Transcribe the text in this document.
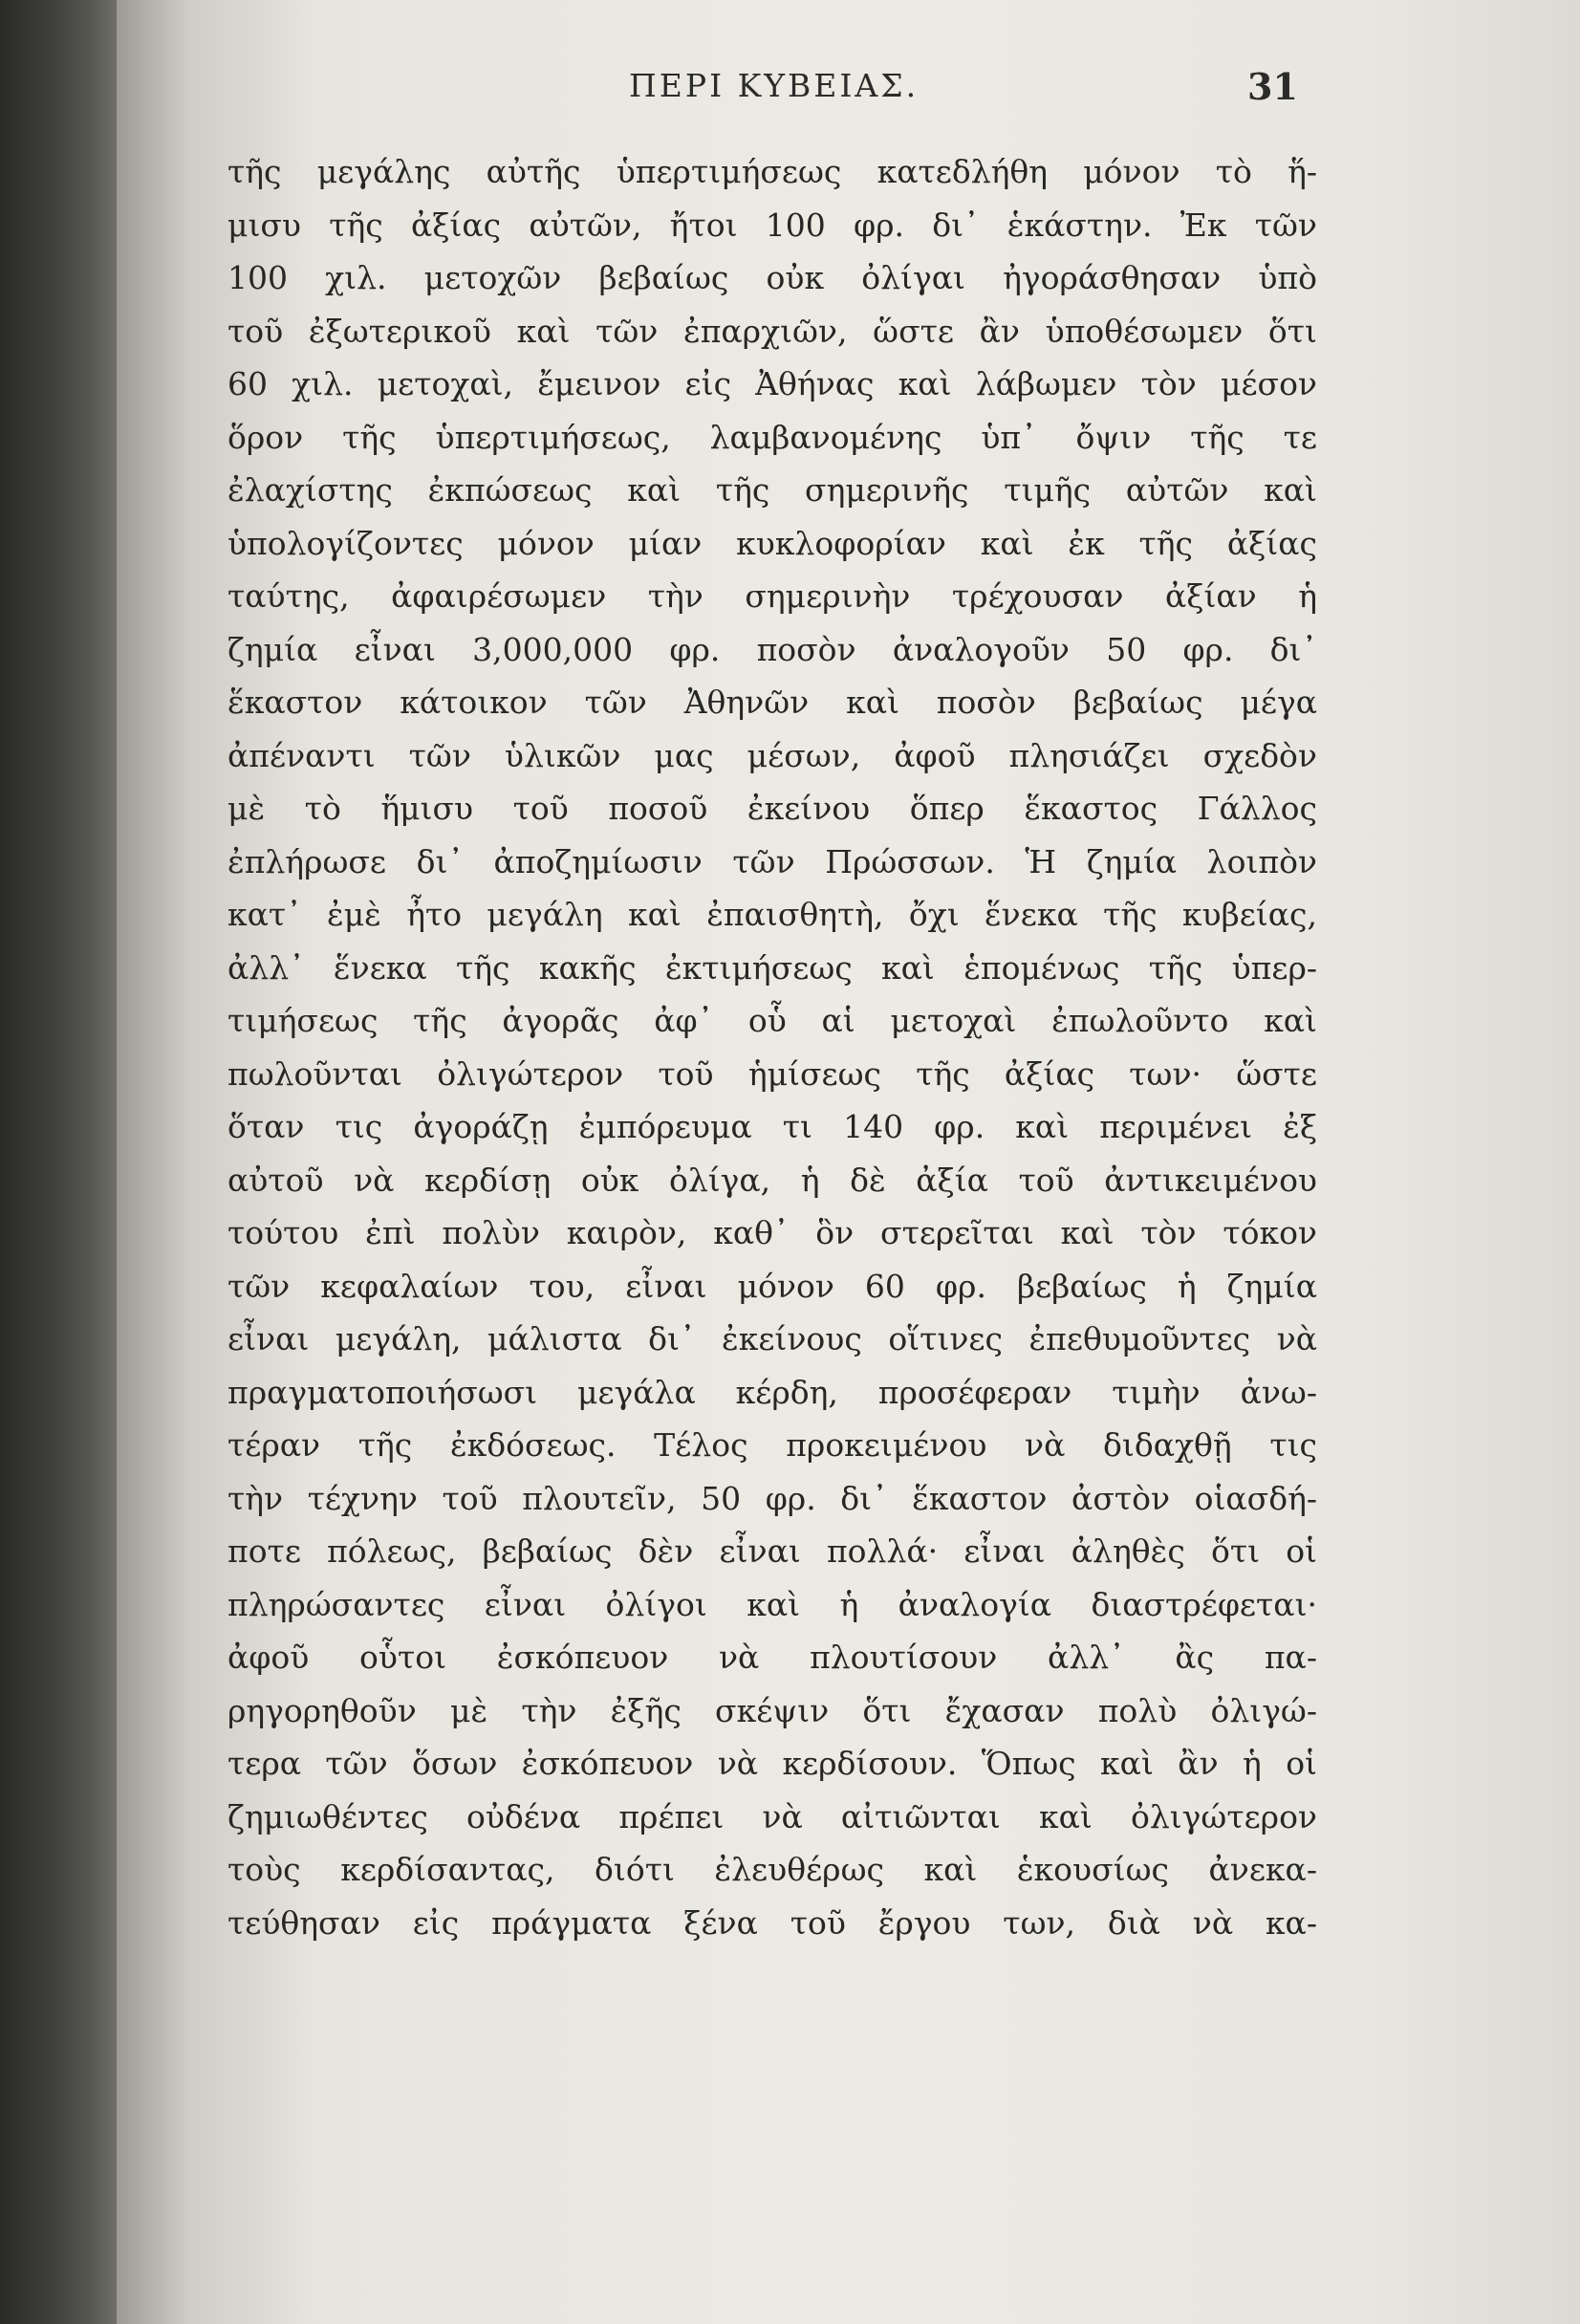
ΠΕΡΙ ΚΥΒΕΙΑΣ.	31
τῆς μεγάλης αὐτῆς ὑπερτιμήσεως κατεδλήθη μόνον τὸ ἥ-
μισυ τῆς ἀξίας αὐτῶν, ἤτοι 100 φρ. δι᾽ ἑκάστην. Ἐκ τῶν
100 χιλ. μετοχῶν βεβαίως οὐκ ὀλίγαι ἠγοράσθησαν ὑπὸ
τοῦ ἐξωτερικοῦ καὶ τῶν ἐπαρχιῶν, ὥστε ἂν ὑποθέσωμεν ὅτι
60 χιλ. μετοχαὶ, ἔμεινον εἰς Ἀθήνας καὶ λάβωμεν τὸν μέσον
ὅρον τῆς ὑπερτιμήσεως, λαμβανομένης ὑπ᾽ ὄψιν τῆς τε
ἐλαχίστης ἐκπώσεως καὶ τῆς σημερινῆς τιμῆς αὐτῶν καὶ
ὑπολογίζοντες μόνον μίαν κυκλοφορίαν καὶ ἐκ τῆς ἀξίας
ταύτης, ἀφαιρέσωμεν τὴν σημερινὴν τρέχουσαν ἀξίαν ἡ
ζημία εἶναι 3,000,000 φρ. ποσὸν ἀναλογοῦν 50 φρ. δι᾽
ἕκαστον κάτοικον τῶν Ἀθηνῶν καὶ ποσὸν βεβαίως μέγα
ἀπέναντι τῶν ὑλικῶν μας μέσων, ἀφοῦ πλησιάζει σχεδὸν
μὲ τὸ ἥμισυ τοῦ ποσοῦ ἐκείνου ὅπερ ἕκαστος Γάλλος
ἐπλήρωσε δι᾽ ἀποζημίωσιν τῶν Πρώσσων. Ἡ ζημία λοιπὸν
κατ᾽ ἐμὲ ἦτο μεγάλη καὶ ἐπαισθητὴ, ὄχι ἕνεκα τῆς κυβείας,
ἀλλ᾽ ἕνεκα τῆς κακῆς ἐκτιμήσεως καὶ ἑπομένως τῆς ὑπερ-
τιμήσεως τῆς ἀγορᾶς ἀφ᾽ οὗ αἱ μετοχαὶ ἐπωλοῦντο καὶ
πωλοῦνται ὀλιγώτερον τοῦ ἡμίσεως τῆς ἀξίας των· ὥστε
ὅταν τις ἀγοράζῃ ἐμπόρευμα τι 140 φρ. καὶ περιμένει ἐξ
αὐτοῦ νὰ κερδίσῃ οὐκ ὀλίγα, ἡ δὲ ἀξία τοῦ ἀντικειμένου
τούτου ἐπὶ πολὺν καιρὸν, καθ᾽ ὃν στερεῖται καὶ τὸν τόκον
τῶν κεφαλαίων του, εἶναι μόνον 60 φρ. βεβαίως ἡ ζημία
εἶναι μεγάλη, μάλιστα δι᾽ ἐκείνους οἵτινες ἐπεθυμοῦντες νὰ
πραγματοποιήσωσι μεγάλα κέρδη, προσέφεραν τιμὴν ἀνω-
τέραν τῆς ἐκδόσεως. Τέλος προκειμένου νὰ διδαχθῇ τις
τὴν τέχνην τοῦ πλουτεῖν, 50 φρ. δι᾽ ἕκαστον ἀστὸν οἱασδή-
ποτε πόλεως, βεβαίως δὲν εἶναι πολλά· εἶναι ἀληθὲς ὅτι οἱ
πληρώσαντες εἶναι ὀλίγοι καὶ ἡ ἀναλογία διαστρέφεται·
ἀφοῦ οὗτοι ἐσκόπευον νὰ πλουτίσουν ἀλλ᾽ ἂς πα-
ρηγορηθοῦν μὲ τὴν ἐξῆς σκέψιν ὅτι ἔχασαν πολὺ ὀλιγώ-
τερα τῶν ὅσων ἐσκόπευον νὰ κερδίσουν. Ὅπως καὶ ἂν ἡ οἱ
ζημιωθέντες οὐδένα πρέπει νὰ αἰτιῶνται καὶ ὀλιγώτερον
τοὺς κερδίσαντας, διότι ἐλευθέρως καὶ ἑκουσίως ἀνεκα-
τεύθησαν εἰς πράγματα ξένα τοῦ ἔργου των, διὰ νὰ κα-
